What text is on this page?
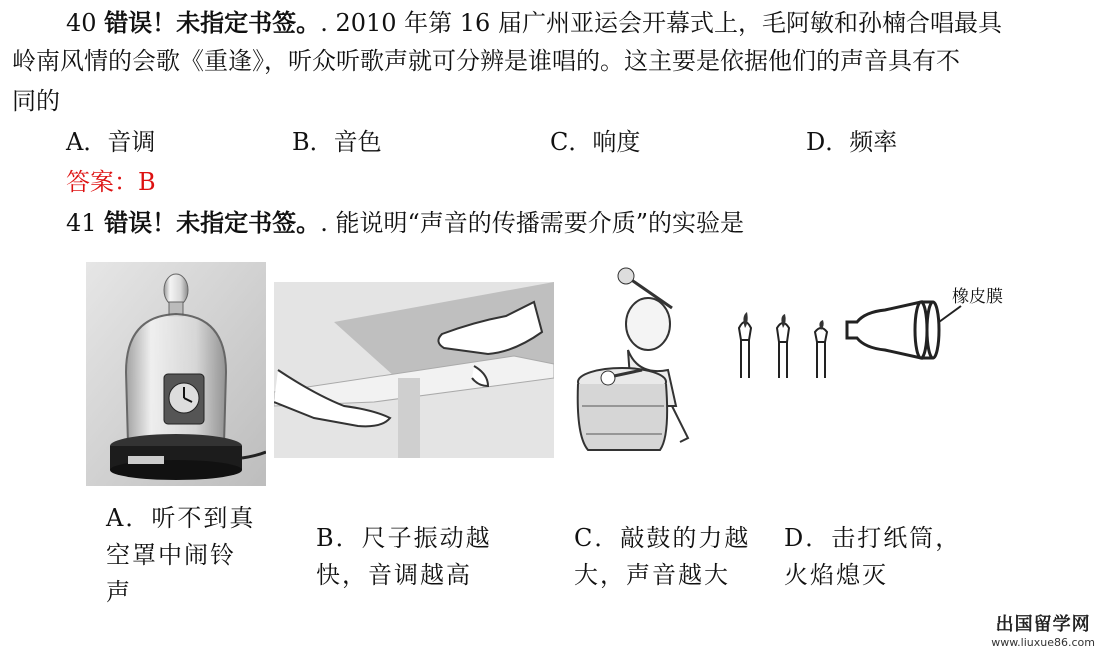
40 错误！未指定书签。. 2010 年第 16 届广州亚运会开幕式上，毛阿敏和孙楠合唱最具
岭南风情的会歌《重逢》，听众听歌声就可分辨是谁唱的。这主要是依据他们的声音具有不
同的
A．音调	B．音色	C．响度	D．频率
答案：B
41 错误！未指定书签。. 能说明“声音的传播需要介质”的实验是
橡皮膜
A．听不到真
空罩中闹铃
声
B．尺子振动越
快，音调越高
C．敲鼓的力越
大，声音越大
D．击打纸筒，
火焰熄灭
出国留学网
www.liuxue86.com
